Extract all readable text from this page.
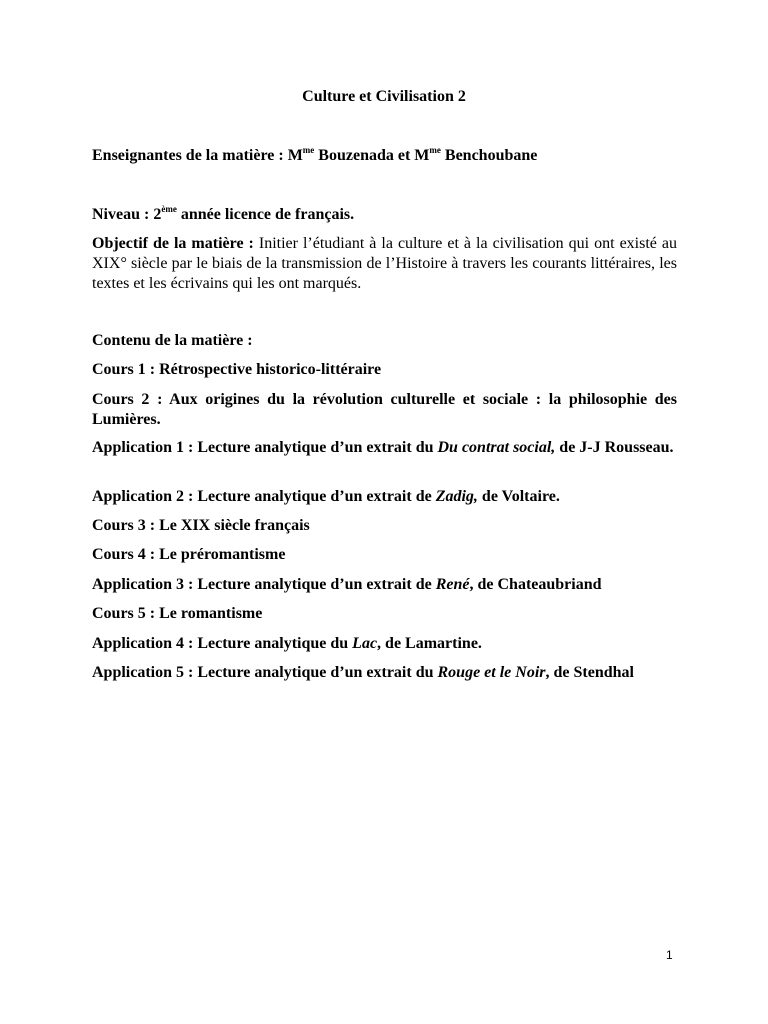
Culture et Civilisation 2
Enseignantes de la matière : $M^{me}$ Bouzenada et $M^{me}$ Benchoubane
Niveau : 2ème année licence de français.
Objectif de la matière : Initier l’étudiant à la culture et à la civilisation qui ont existé au XIX° siècle par le biais de la transmission de l’Histoire à travers les courants littéraires, les textes et les écrivains qui les ont marqués.
Contenu de la matière :
Cours 1 : Rétrospective historico-littéraire
Cours 2 : Aux origines du la révolution culturelle et sociale : la philosophie des Lumières.
Application 1 : Lecture analytique d’un extrait du Du contrat social, de J-J Rousseau.
Application 2 : Lecture analytique d’un extrait de Zadig, de Voltaire.
Cours 3 : Le XIX siècle français
Cours 4 : Le préromantisme
Application 3 : Lecture analytique d’un extrait de René, de Chateaubriand
Cours 5 : Le romantisme
Application 4 : Lecture analytique du Lac, de Lamartine.
Application 5 : Lecture analytique d’un extrait du Rouge et le Noir, de Stendhal
1
